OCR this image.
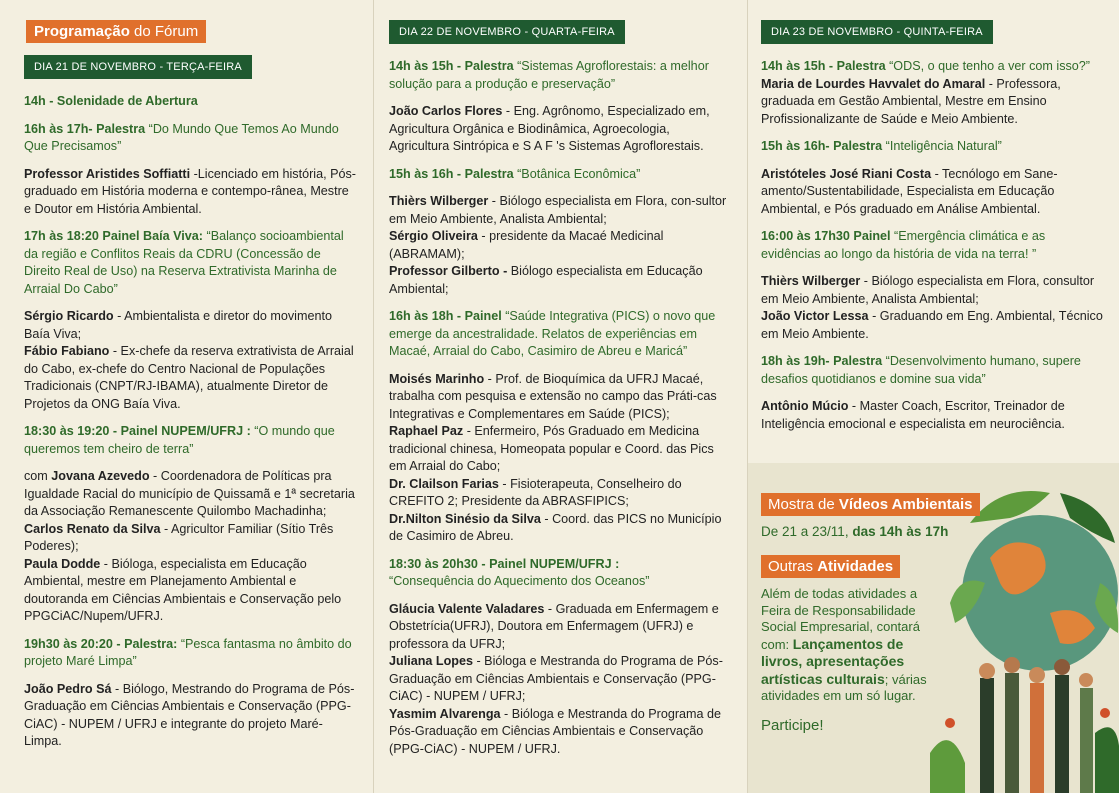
Programação do Fórum
DIA 21 DE NOVEMBRO - TERÇA-FEIRA
14h - Solenidade de Abertura
16h às 17h- Palestra “Do Mundo Que Temos Ao Mundo Que Precisamos”
Professor Aristides Soffiatti -Licenciado em história, Pós-graduado em História moderna e contempo-rânea, Mestre e Doutor em História Ambiental.
17h às 18:20 Painel Baía Viva: “Balanço socioambiental da região e Conflitos Reais da CDRU (Concessão de Direito Real de Uso) na Reserva Extrativista Marinha de Arraial Do Cabo”

Sérgio Ricardo - Ambientalista e diretor do movimento Baía Viva;

Fábio Fabiano - Ex-chefe da reserva extrativista de Arraial do Cabo, ex-chefe do Centro Nacional de Populações Tradicionais (CNPT/RJ-IBAMA), atualmente Diretor de Projetos da ONG Baía Viva.

18:30 às 19:20 - Painel NUPEM/UFRJ : “O mundo que queremos tem cheiro de terra”

com Jovana Azevedo - Coordenadora de Políticas pra Igualdade Racial do município de Quissamã e 1ª secretaria da Associação Remanescente Quilombo Machadinha;

Carlos Renato da Silva - Agricultor Familiar (Sítio Três Poderes);

Paula Dodde - Bióloga, especialista em Educação Ambiental, mestre em Planejamento Ambiental e doutoranda em Ciências Ambientais e Conservação pelo PPGCiAC/Nupem/UFRJ.

19h30 às 20:20 - Palestra: “Pesca fantasma no âmbito do projeto Maré Limpa”
João Pedro Sá - Biólogo, Mestrando do Programa de Pós-Graduação em Ciências Ambientais e Conservação (PPG-CiAC) - NUPEM / UFRJ e integrante do projeto Maré-Limpa.
DIA 22 DE NOVEMBRO - QUARTA-FEIRA
14h às 15h - Palestra “Sistemas Agroflorestais: a melhor solução para a produção e preservação”
João Carlos Flores - Eng. Agrônomo, Especializado em, Agricultura Orgânica e Biodinâmica, Agroecologia, Agricultura Sintrópica e S A F 's Sistemas Agroflorestais.
15h às 16h - Palestra “Botânica Econômica”

Thièrs Wilberger - Biólogo especialista em Flora, con-sultor em Meio Ambiente, Analista Ambiental;

Sérgio Oliveira - presidente da Macaé Medicinal (ABRAMAM);

Professor Gilberto - Biólogo especialista em Educação Ambiental;

16h às 18h - Painel “Saúde Integrativa (PICS) o novo que emerge da ancestralidade. Relatos de experiências em Macaé, Arraial do Cabo, Casimiro de Abreu e Maricá”

Moisés Marinho - Prof. de Bioquímica da UFRJ Macaé, trabalha com pesquisa e extensão no campo das Práti-cas Integrativas e Complementares em Saúde (PICS);

Raphael Paz - Enfermeiro, Pós Graduado em Medicina tradicional chinesa, Homeopata popular e Coord. das Pics em Arraial do Cabo;

Dr. Clailson Farias - Fisioterapeuta, Conselheiro do CREFITO 2; Presidente da ABRASFIPICS;

Dr.Nilton Sinésio da Silva - Coord. das PICS no Município de Casimiro de Abreu.

18:30 às 20h30 - Painel NUPEM/UFRJ :
“Consequência do Aquecimento dos Oceanos”

Gláucia Valente Valadares - Graduada em Enfermagem e Obstetrícia(UFRJ), Doutora em Enfermagem (UFRJ) e professora da UFRJ;

Juliana Lopes - Bióloga e Mestranda do Programa de Pós-Graduação em Ciências Ambientais e Conservação (PPG-CiAC) - NUPEM / UFRJ;

Yasmim Alvarenga - Bióloga e Mestranda do Programa de Pós-Graduação em Ciências Ambientais e Conservação (PPG-CiAC) - NUPEM / UFRJ.

DIA 23 DE NOVEMBRO - QUINTA-FEIRA
14h às 15h - Palestra “ODS, o que tenho a ver com isso?”
Maria de Lourdes Havvalet do Amaral - Professora, graduada em Gestão Ambiental, Mestre em Ensino Profissionalizante de Saúde e Meio Ambiente.
15h às 16h- Palestra “Inteligência Natural”
Aristóteles José Riani Costa - Tecnólogo em Sane-amento/Sustentabilidade, Especialista em Educação Ambiental, e Pós graduado em Análise Ambiental.
16:00 às 17h30 Painel “Emergência climática e as evidências ao longo da história de vida na terra! ”

Thièrs Wilberger - Biólogo especialista em Flora, consultor em Meio Ambiente, Analista Ambiental;

João Victor Lessa - Graduando em Eng. Ambiental, Técnico em Meio Ambiente.

18h às 19h- Palestra “Desenvolvimento humano, supere desafios quotidianos e domine sua vida”
Antônio Múcio - Master Coach, Escritor, Treinador de Inteligência emocional e especialista em neurociência.
Mostra de Vídeos Ambientais
De 21 a 23/11, das 14h às 17h
Outras Atividades
Além de todas atividades a Feira de Responsabilidade Social Empresarial, contará com: Lançamentos de livros, apresentações artísticas culturais; várias atividades em um só lugar.
Participe!
